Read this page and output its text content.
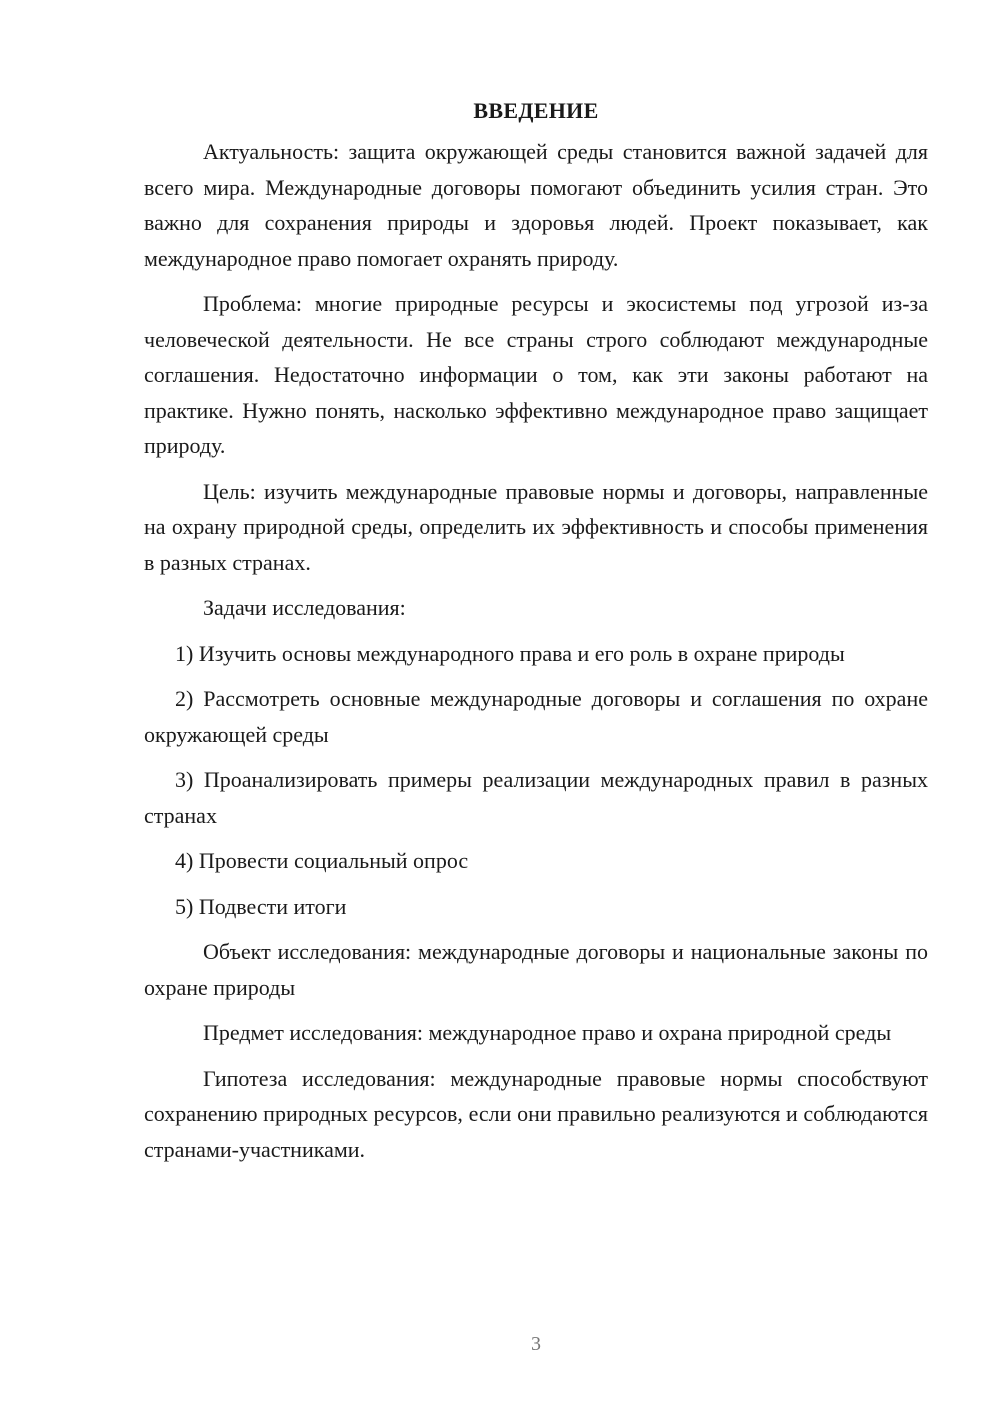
ВВЕДЕНИЕ

Актуальность: защита окружающей среды становится важной задачей для всего мира. Международные договоры помогают объединить усилия стран. Это важно для сохранения природы и здоровья людей. Проект показывает, как международное право помогает охранять природу.

Проблема: многие природные ресурсы и экосистемы под угрозой из-за человеческой деятельности. Не все страны строго соблюдают международные соглашения. Недостаточно информации о том, как эти законы работают на практике. Нужно понять, насколько эффективно международное право защищает природу.

Цель: изучить международные правовые нормы и договоры, направленные на охрану природной среды, определить их эффективность и способы применения в разных странах.

Задачи исследования:

1) Изучить основы международного права и его роль в охране природы

2) Рассмотреть основные международные договоры и соглашения по охране окружающей среды

3) Проанализировать примеры реализации международных правил в разных странах

4) Провести социальный опрос

5) Подвести итоги

Объект исследования: международные договоры и национальные законы по охране природы

Предмет исследования: международное право и охрана природной среды

Гипотеза исследования: международные правовые нормы способствуют сохранению природных ресурсов, если они правильно реализуются и соблюдаются странами-участниками.

3
